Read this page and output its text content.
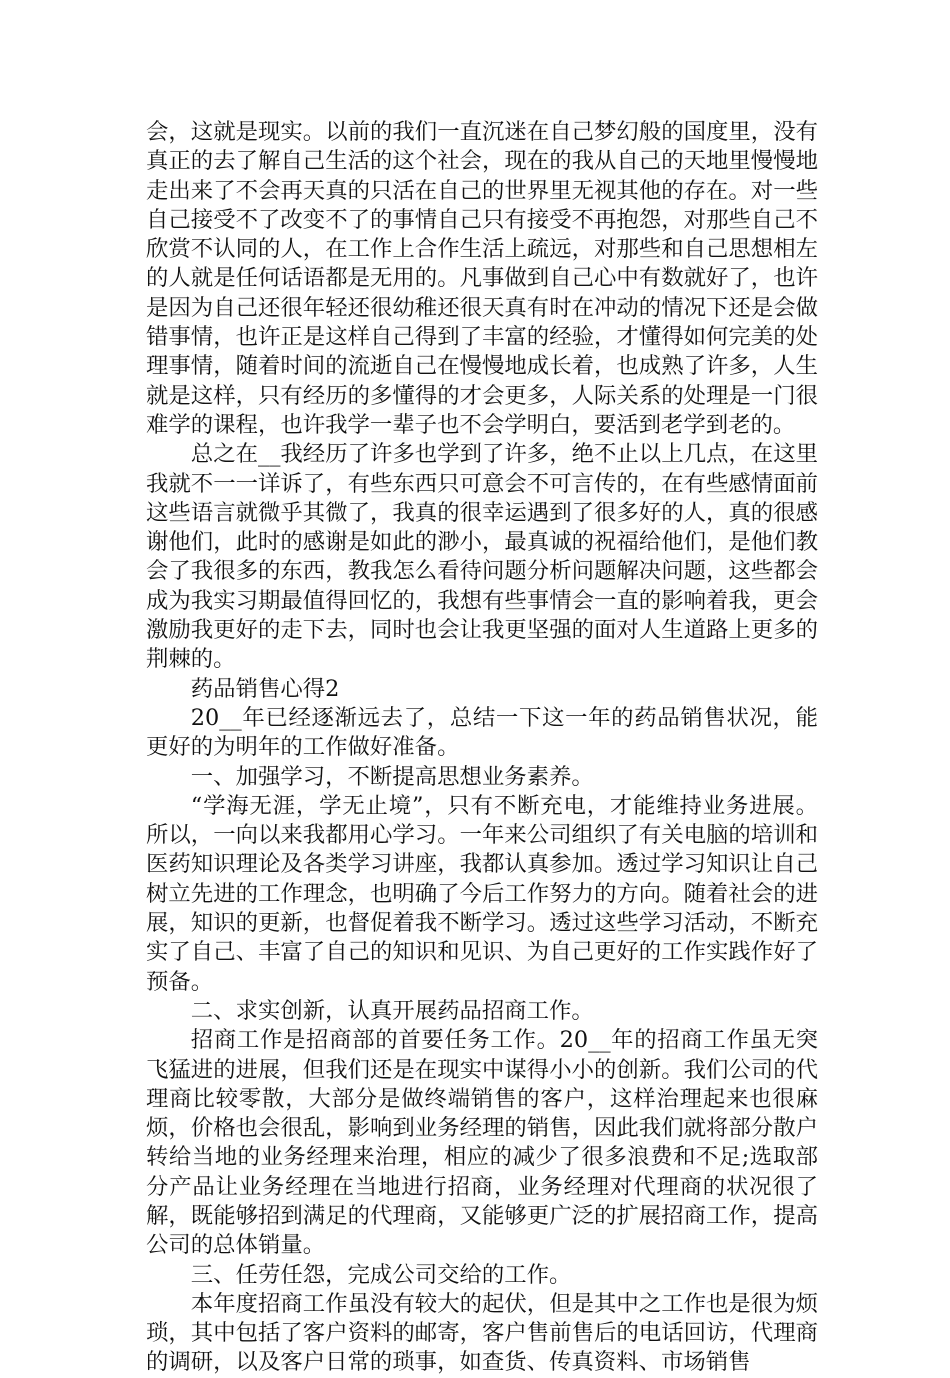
会，这就是现实。以前的我们一直沉迷在自己梦幻般的国度里，没有真正的去了解自己生活的这个社会，现在的我从自己的天地里慢慢地走出来了不会再天真的只活在自己的世界里无视其他的存在。对一些自己接受不了改变不了的事情自己只有接受不再抱怨，对那些自己不欣赏不认同的人，在工作上合作生活上疏远，对那些和自己思想相左的人就是任何话语都是无用的。凡事做到自己心中有数就好了，也许是因为自己还很年轻还很幼稚还很天真有时在冲动的情况下还是会做错事情，也许正是这样自己得到了丰富的经验，才懂得如何完美的处理事情，随着时间的流逝自己在慢慢地成长着，也成熟了许多，人生就是这样，只有经历的多懂得的才会更多，人际关系的处理是一门很难学的课程，也许我学一辈子也不会学明白，要活到老学到老的。

总之在__我经历了许多也学到了许多，绝不止以上几点，在这里我就不一一详诉了，有些东西只可意会不可言传的，在有些感情面前这些语言就微乎其微了，我真的很幸运遇到了很多好的人，真的很感谢他们，此时的感谢是如此的渺小，最真诚的祝福给他们，是他们教会了我很多的东西，教我怎么看待问题分析问题解决问题，这些都会成为我实习期最值得回忆的，我想有些事情会一直的影响着我，更会激励我更好的走下去，同时也会让我更坚强的面对人生道路上更多的荆棘的。

药品销售心得2

20__年已经逐渐远去了，总结一下这一年的药品销售状况，能更好的为明年的工作做好准备。

一、加强学习，不断提高思想业务素养。

“学海无涯，学无止境”，只有不断充电，才能维持业务进展。所以，一向以来我都用心学习。一年来公司组织了有关电脑的培训和医药知识理论及各类学习讲座，我都认真参加。透过学习知识让自己树立先进的工作理念，也明确了今后工作努力的方向。随着社会的进展，知识的更新，也督促着我不断学习。透过这些学习活动，不断充实了自己、丰富了自己的知识和见识、为自己更好的工作实践作好了预备。

二、求实创新，认真开展药品招商工作。

招商工作是招商部的首要任务工作。20__年的招商工作虽无突飞猛进的进展，但我们还是在现实中谋得小小的创新。我们公司的代理商比较零散，大部分是做终端销售的客户，这样治理起来也很麻烦，价格也会很乱，影响到业务经理的销售，因此我们就将部分散户转给当地的业务经理来治理，相应的减少了很多浪费和不足;选取部分产品让业务经理在当地进行招商，业务经理对代理商的状况很了解，既能够招到满足的代理商，又能够更广泛的扩展招商工作，提高公司的总体销量。

三、任劳任怨，完成公司交给的工作。

本年度招商工作虽没有较大的起伏，但是其中之工作也是很为烦琐，其中包括了客户资料的邮寄，客户售前售后的电话回访，代理商的调研，以及客户日常的琐事，如查货、传真资料、市场销售
